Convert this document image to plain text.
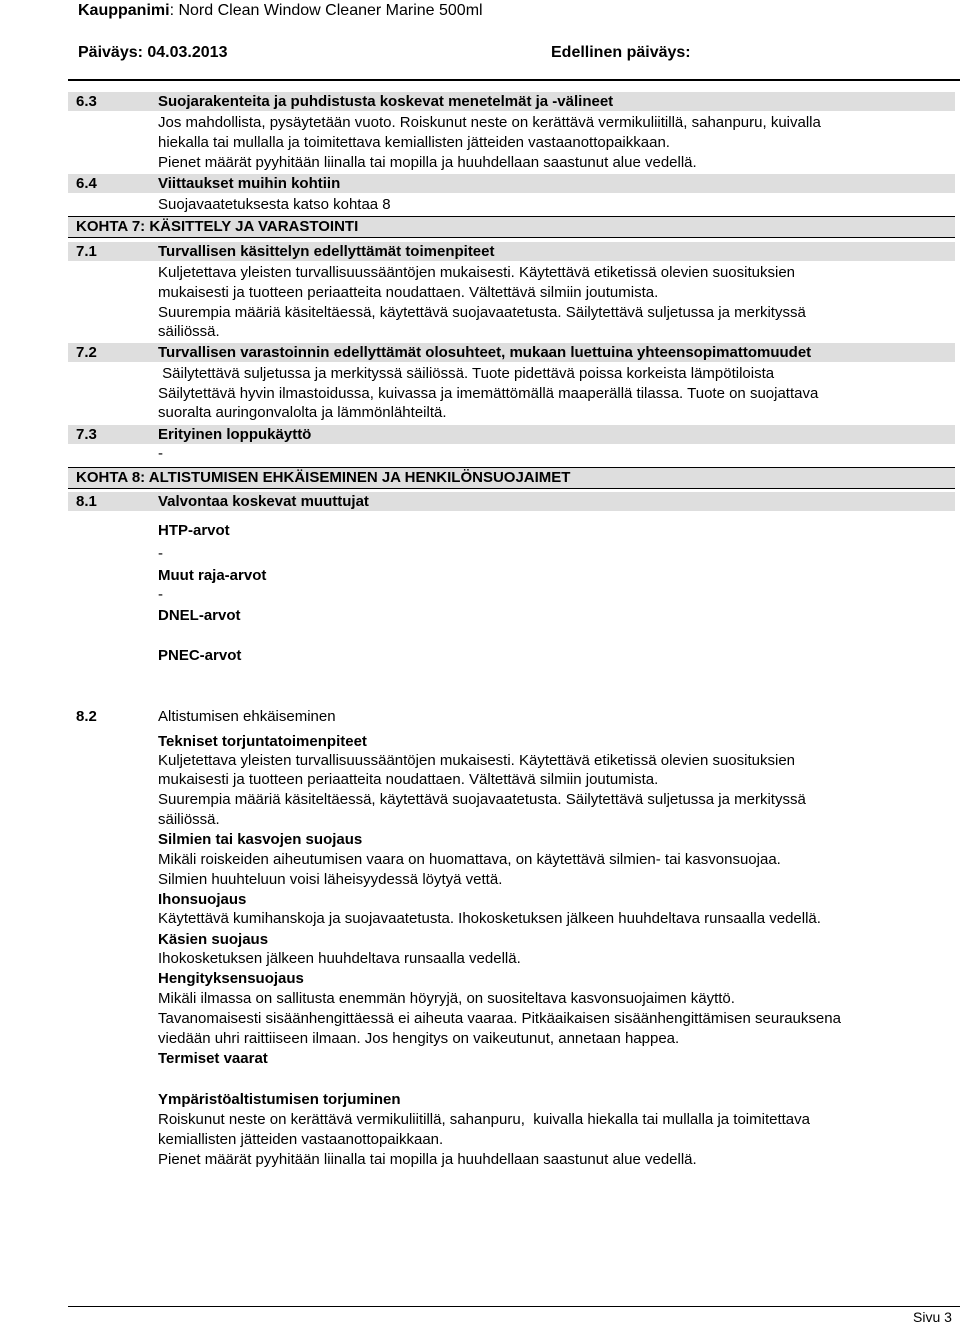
Kauppanimi: Nord Clean Window Cleaner Marine 500ml
Päiväys: 04.03.2013	Edellinen päiväys:
6.3	Suojarakenteita ja puhdistusta koskevat menetelmät ja -välineet
Jos mahdollista, pysäytetään vuoto. Roiskunut neste on kerättävä vermikuliitillä, sahanpuru, kuivalla
hiekalla tai mullalla ja toimitettava kemiallisten jätteiden vastaanottopaikkaan.
Pienet määrät pyyhitään liinalla tai mopilla ja huuhdellaan saastunut alue vedellä.
6.4	Viittaukset muihin kohtiin
Suojavaatetuksesta katso kohtaa 8
KOHTA 7: KÄSITTELY JA VARASTOINTI
7.1	Turvallisen käsittelyn edellyttämät toimenpiteet
Kuljetettava yleisten turvallisuussääntöjen mukaisesti. Käytettävä etiketissä olevien suosituksien
mukaisesti ja tuotteen periaatteita noudattaen. Vältettävä silmiin joutumista.
Suurempia määriä käsiteltäessä, käytettävä suojavaatetusta. Säilytettävä suljetussa ja merkityssä
säiliössä.
7.2	Turvallisen varastoinnin edellyttämät olosuhteet, mukaan luettuina yhteensopimattomuudet
Säilytettävä suljetussa ja merkityssä säiliössä. Tuote pidettävä poissa korkeista lämpötiloista
Säilytettävä hyvin ilmastoidussa, kuivassa ja imemättömällä maaperällä tilassa. Tuote on suojattava
suoralta auringonvalolta ja lämmönlähteiltä.
7.3	Erityinen loppukäyttö
-
KOHTA 8: ALTISTUMISEN EHKÄISEMINEN JA HENKILÖNSUOJAIMET
8.1	Valvontaa koskevat muuttujat
HTP-arvot
-
Muut raja-arvot
-
DNEL-arvot
PNEC-arvot
8.2	Altistumisen ehkäiseminen
Tekniset torjuntatoimenpiteet
Kuljetettava yleisten turvallisuussääntöjen mukaisesti. Käytettävä etiketissä olevien suosituksien
mukaisesti ja tuotteen periaatteita noudattaen. Vältettävä silmiin joutumista.
Suurempia määriä käsiteltäessä, käytettävä suojavaatetusta. Säilytettävä suljetussa ja merkityssä
säiliössä.
Silmien tai kasvojen suojaus
Mikäli roiskeiden aiheutumisen vaara on huomattava, on käytettävä silmien- tai kasvonsuojaa.
Silmien huuhteluun voisi läheisyydessä löytyä vettä.
Ihonsuojaus
Käytettävä kumihanskoja ja suojavaatetusta. Ihokosketuksen jälkeen huuhdeltava runsaalla vedellä.
Käsien suojaus
Ihokosketuksen jälkeen huuhdeltava runsaalla vedellä.
Hengityksensuojaus
Mikäli ilmassa on sallitusta enemmän höyryjä, on suositeltava kasvonsuojaimen käyttö.
Tavanomaisesti sisäänhengittäessä ei aiheuta vaaraa. Pitkäaikaisen sisäänhengittämisen seurauksena
viedään uhri raittiiseen ilmaan. Jos hengitys on vaikeutunut, annetaan happea.
Termiset vaarat
Ympäristöaltistumisen torjuminen
Roiskunut neste on kerättävä vermikuliitillä, sahanpuru,  kuivalla hiekalla tai mullalla ja toimitettava
kemiallisten jätteiden vastaanottopaikkaan.
Pienet määrät pyyhitään liinalla tai mopilla ja huuhdellaan saastunut alue vedellä.
Sivu 3
